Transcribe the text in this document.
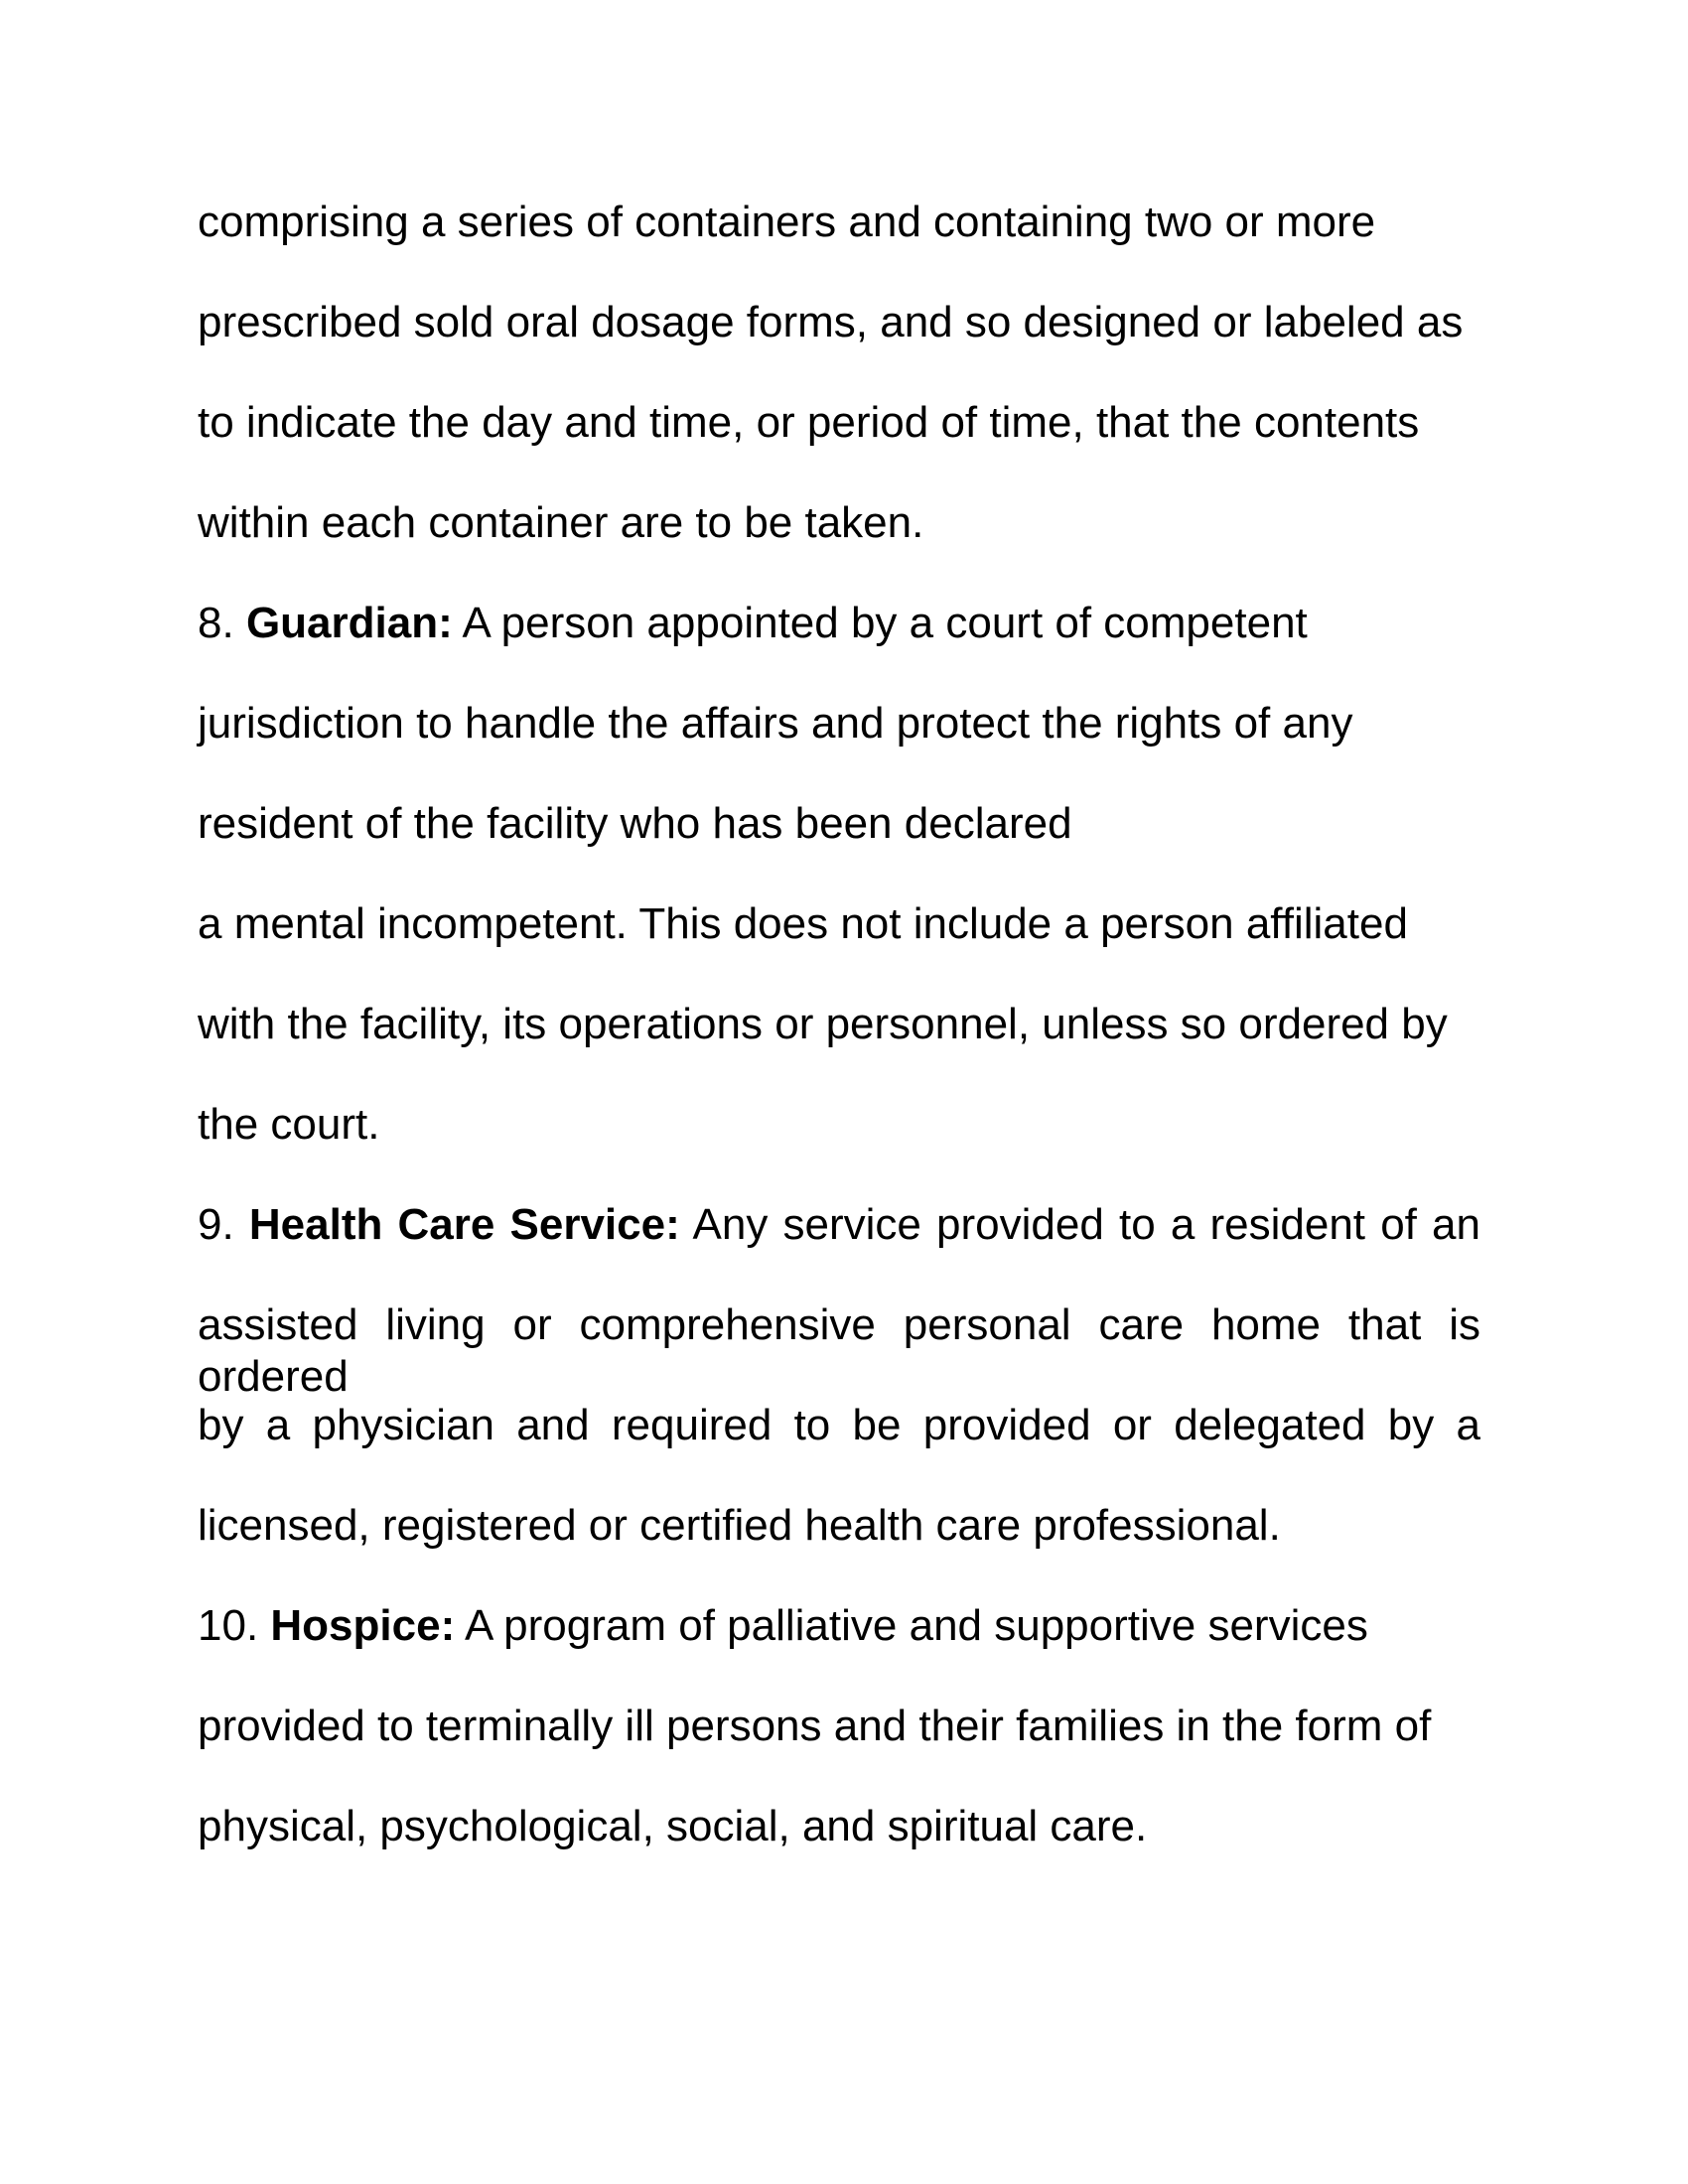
comprising a series of containers and containing two or more

prescribed sold oral dosage forms, and so designed or labeled as

to indicate the day and time, or period of time, that the contents

within each container are to be taken.

8. Guardian: A person appointed by a court of competent

jurisdiction to handle the affairs and protect the rights of any

resident of the facility who has been declared

a mental incompetent. This does not include a person affiliated

with the facility, its operations or personnel, unless so ordered by

the court.

9. Health Care Service: Any service provided to a resident of an

assisted living or comprehensive personal care home that is ordered

by a physician and required to be provided or delegated by a

licensed, registered or certified health care professional.

10. Hospice: A program of palliative and supportive services

provided to terminally ill persons and their families in the form of

physical, psychological, social, and spiritual care.
